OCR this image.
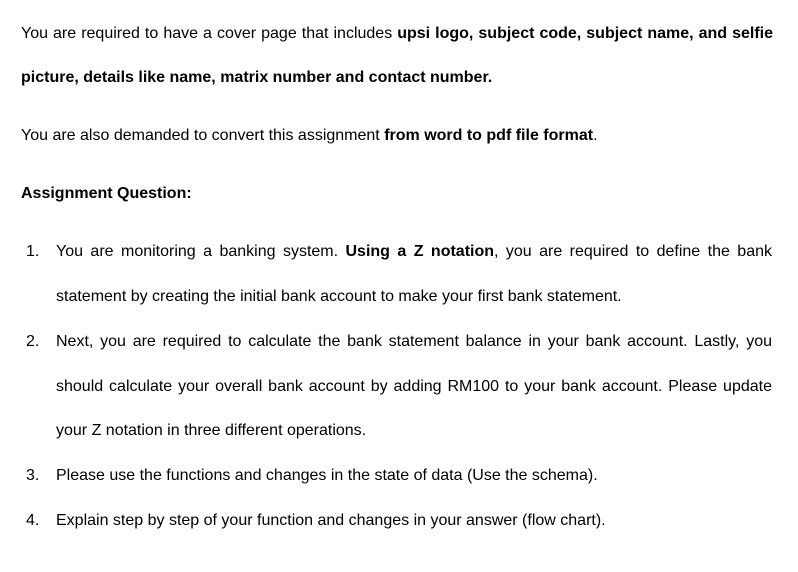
You are required to have a cover page that includes upsi logo, subject code, subject name, and selfie
picture, details like name, matrix number and contact number.
You are also demanded to convert this assignment from word to pdf file format.
Assignment Question:
1. You are monitoring a banking system. Using a Z notation, you are required to define the bank
statement by creating the initial bank account to make your first bank statement.
2. Next, you are required to calculate the bank statement balance in your bank account. Lastly, you
should calculate your overall bank account by adding RM100 to your bank account. Please update
your Z notation in three different operations.
3. Please use the functions and changes in the state of data (Use the schema).
4. Explain step by step of your function and changes in your answer (flow chart).
